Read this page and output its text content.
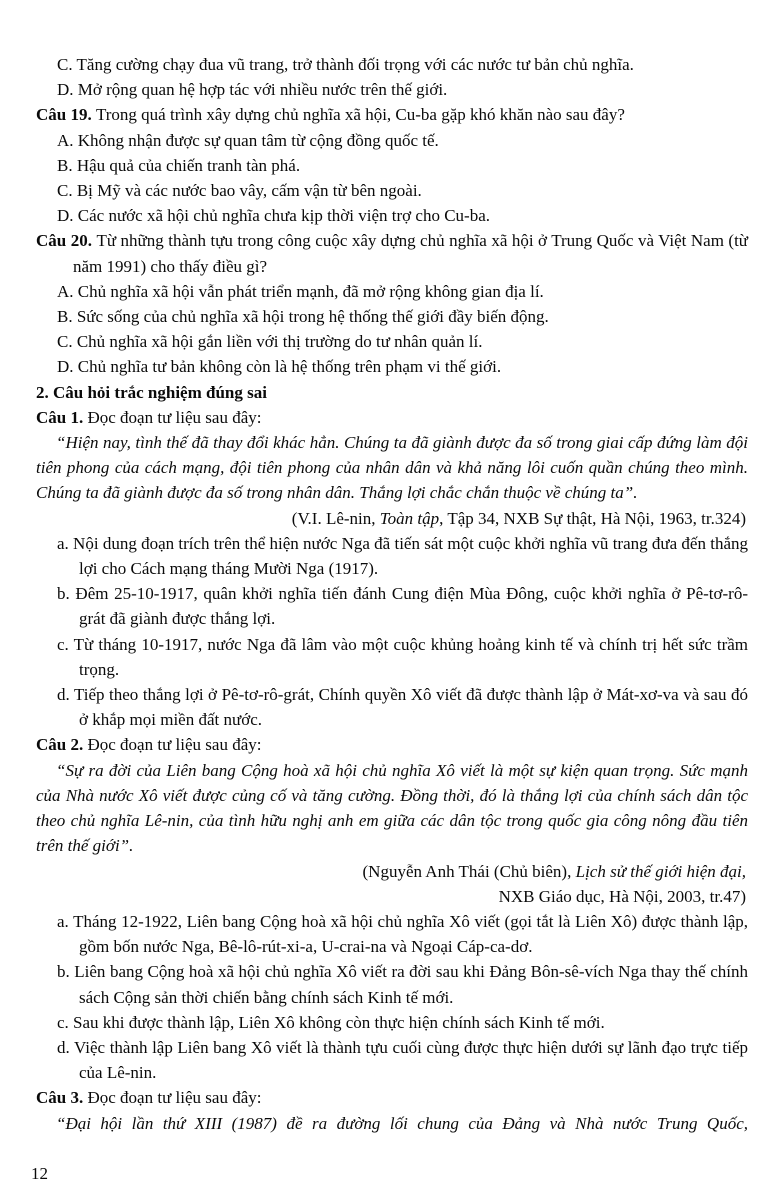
C. Tăng cường chạy đua vũ trang, trở thành đối trọng với các nước tư bản chủ nghĩa.

D. Mở rộng quan hệ hợp tác với nhiều nước trên thế giới.

Câu 19. Trong quá trình xây dựng chủ nghĩa xã hội, Cu-ba gặp khó khăn nào sau đây?

A. Không nhận được sự quan tâm từ cộng đồng quốc tế.

B. Hậu quả của chiến tranh tàn phá.

C. Bị Mỹ và các nước bao vây, cấm vận từ bên ngoài.

D. Các nước xã hội chủ nghĩa chưa kịp thời viện trợ cho Cu-ba.

Câu 20. Từ những thành tựu trong công cuộc xây dựng chủ nghĩa xã hội ở Trung Quốc và Việt Nam (từ năm 1991) cho thấy điều gì?

A. Chủ nghĩa xã hội vẫn phát triển mạnh, đã mở rộng không gian địa lí.

B. Sức sống của chủ nghĩa xã hội trong hệ thống thế giới đầy biến động.

C. Chủ nghĩa xã hội gắn liền với thị trường do tư nhân quản lí.

D. Chủ nghĩa tư bản không còn là hệ thống trên phạm vi thế giới.

2. Câu hỏi trắc nghiệm đúng sai

Câu 1. Đọc đoạn tư liệu sau đây:

“Hiện nay, tình thế đã thay đổi khác hẳn. Chúng ta đã giành được đa số trong giai cấp đứng làm đội tiên phong của cách mạng, đội tiên phong của nhân dân và khả năng lôi cuốn quần chúng theo mình. Chúng ta đã giành được đa số trong nhân dân. Thắng lợi chắc chắn thuộc về chúng ta”.

(V.I. Lê-nin, Toàn tập, Tập 34, NXB Sự thật, Hà Nội, 1963, tr.324)

a. Nội dung đoạn trích trên thể hiện nước Nga đã tiến sát một cuộc khởi nghĩa vũ trang đưa đến thắng lợi cho Cách mạng tháng Mười Nga (1917).

b. Đêm 25-10-1917, quân khởi nghĩa tiến đánh Cung điện Mùa Đông, cuộc khởi nghĩa ở Pê-tơ-rô-grát đã giành được thắng lợi.

c. Từ tháng 10-1917, nước Nga đã lâm vào một cuộc khủng hoảng kinh tế và chính trị hết sức trầm trọng.

d. Tiếp theo thắng lợi ở Pê-tơ-rô-grát, Chính quyền Xô viết đã được thành lập ở Mát-xơ-va và sau đó ở khắp mọi miền đất nước.

Câu 2. Đọc đoạn tư liệu sau đây:

“Sự ra đời của Liên bang Cộng hoà xã hội chủ nghĩa Xô viết là một sự kiện quan trọng. Sức mạnh của Nhà nước Xô viết được củng cố và tăng cường. Đồng thời, đó là thắng lợi của chính sách dân tộc theo chủ nghĩa Lê-nin, của tình hữu nghị anh em giữa các dân tộc trong quốc gia công nông đầu tiên trên thế giới”.

(Nguyễn Anh Thái (Chủ biên), Lịch sử thế giới hiện đại,

NXB Giáo dục, Hà Nội, 2003, tr.47)

a. Tháng 12-1922, Liên bang Cộng hoà xã hội chủ nghĩa Xô viết (gọi tắt là Liên Xô) được thành lập, gồm bốn nước Nga, Bê-lô-rút-xi-a, U-crai-na và Ngoại Cáp-ca-dơ.

b. Liên bang Cộng hoà xã hội chủ nghĩa Xô viết ra đời sau khi Đảng Bôn-sê-vích Nga thay thế chính sách Cộng sản thời chiến bằng chính sách Kinh tế mới.

c. Sau khi được thành lập, Liên Xô không còn thực hiện chính sách Kinh tế mới.

d. Việc thành lập Liên bang Xô viết là thành tựu cuối cùng được thực hiện dưới sự lãnh đạo trực tiếp của Lê-nin.

Câu 3. Đọc đoạn tư liệu sau đây:

“Đại hội lần thứ XIII (1987) đề ra đường lối chung của Đảng và Nhà nước Trung Quốc,

12
